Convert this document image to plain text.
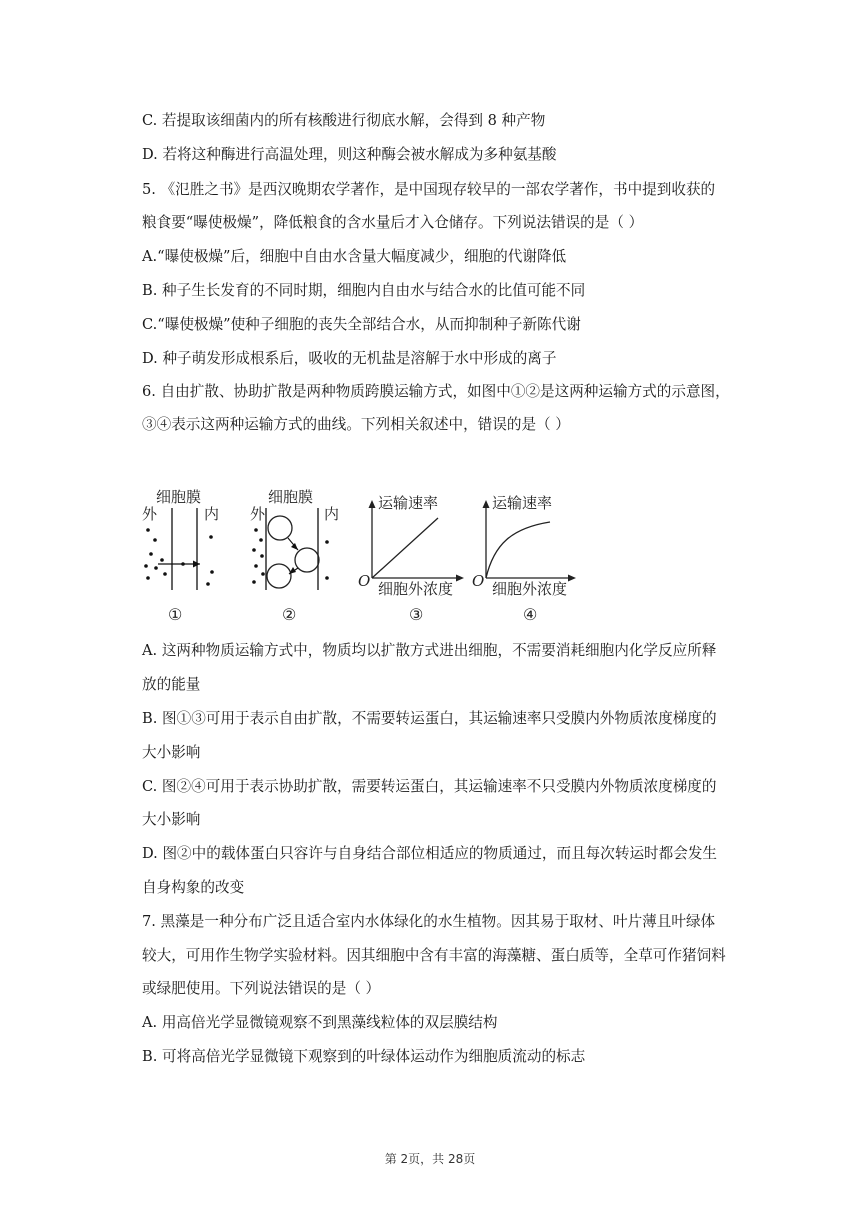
C. 若提取该细菌内的所有核酸进行彻底水解，会得到 8 种产物
D. 若将这种酶进行高温处理，则这种酶会被水解成为多种氨基酸
5. 《氾胜之书》是西汉晚期农学著作，是中国现存较早的一部农学著作，书中提到收获的
粮食要“曝使极燥”，降低粮食的含水量后才入仓储存。下列说法错误的是（ ）
A.“曝使极燥”后，细胞中自由水含量大幅度减少，细胞的代谢降低
B. 种子生长发育的不同时期，细胞内自由水与结合水的比值可能不同
C.“曝使极燥”使种子细胞的丧失全部结合水，从而抑制种子新陈代谢
D. 种子萌发形成根系后，吸收的无机盐是溶解于水中形成的离子
6. 自由扩散、协助扩散是两种物质跨膜运输方式，如图中①②是这两种运输方式的示意图，
③④表示这两种运输方式的曲线。下列相关叙述中，错误的是（ ）
A. 这两种物质运输方式中，物质均以扩散方式进出细胞，不需要消耗细胞内化学反应所释
放的能量
B. 图①③可用于表示自由扩散，不需要转运蛋白，其运输速率只受膜内外物质浓度梯度的
大小影响
C. 图②④可用于表示协助扩散，需要转运蛋白，其运输速率不只受膜内外物质浓度梯度的
大小影响
D. 图②中的载体蛋白只容许与自身结合部位相适应的物质通过，而且每次转运时都会发生
自身构象的改变
7. 黑藻是一种分布广泛且适合室内水体绿化的水生植物。因其易于取材、叶片薄且叶绿体
较大，可用作生物学实验材料。因其细胞中含有丰富的海藻糖、蛋白质等，全草可作猪饲料
或绿肥使用。下列说法错误的是（ ）
A. 用高倍光学显微镜观察不到黑藻线粒体的双层膜结构
B. 可将高倍光学显微镜下观察到的叶绿体运动作为细胞质流动的标志
细胞膜
外	内
①
细胞膜
外	内
②
运输速率
O 细胞外浓度
③
运输速率
O 细胞外浓度
④
第 2页，共 28页
